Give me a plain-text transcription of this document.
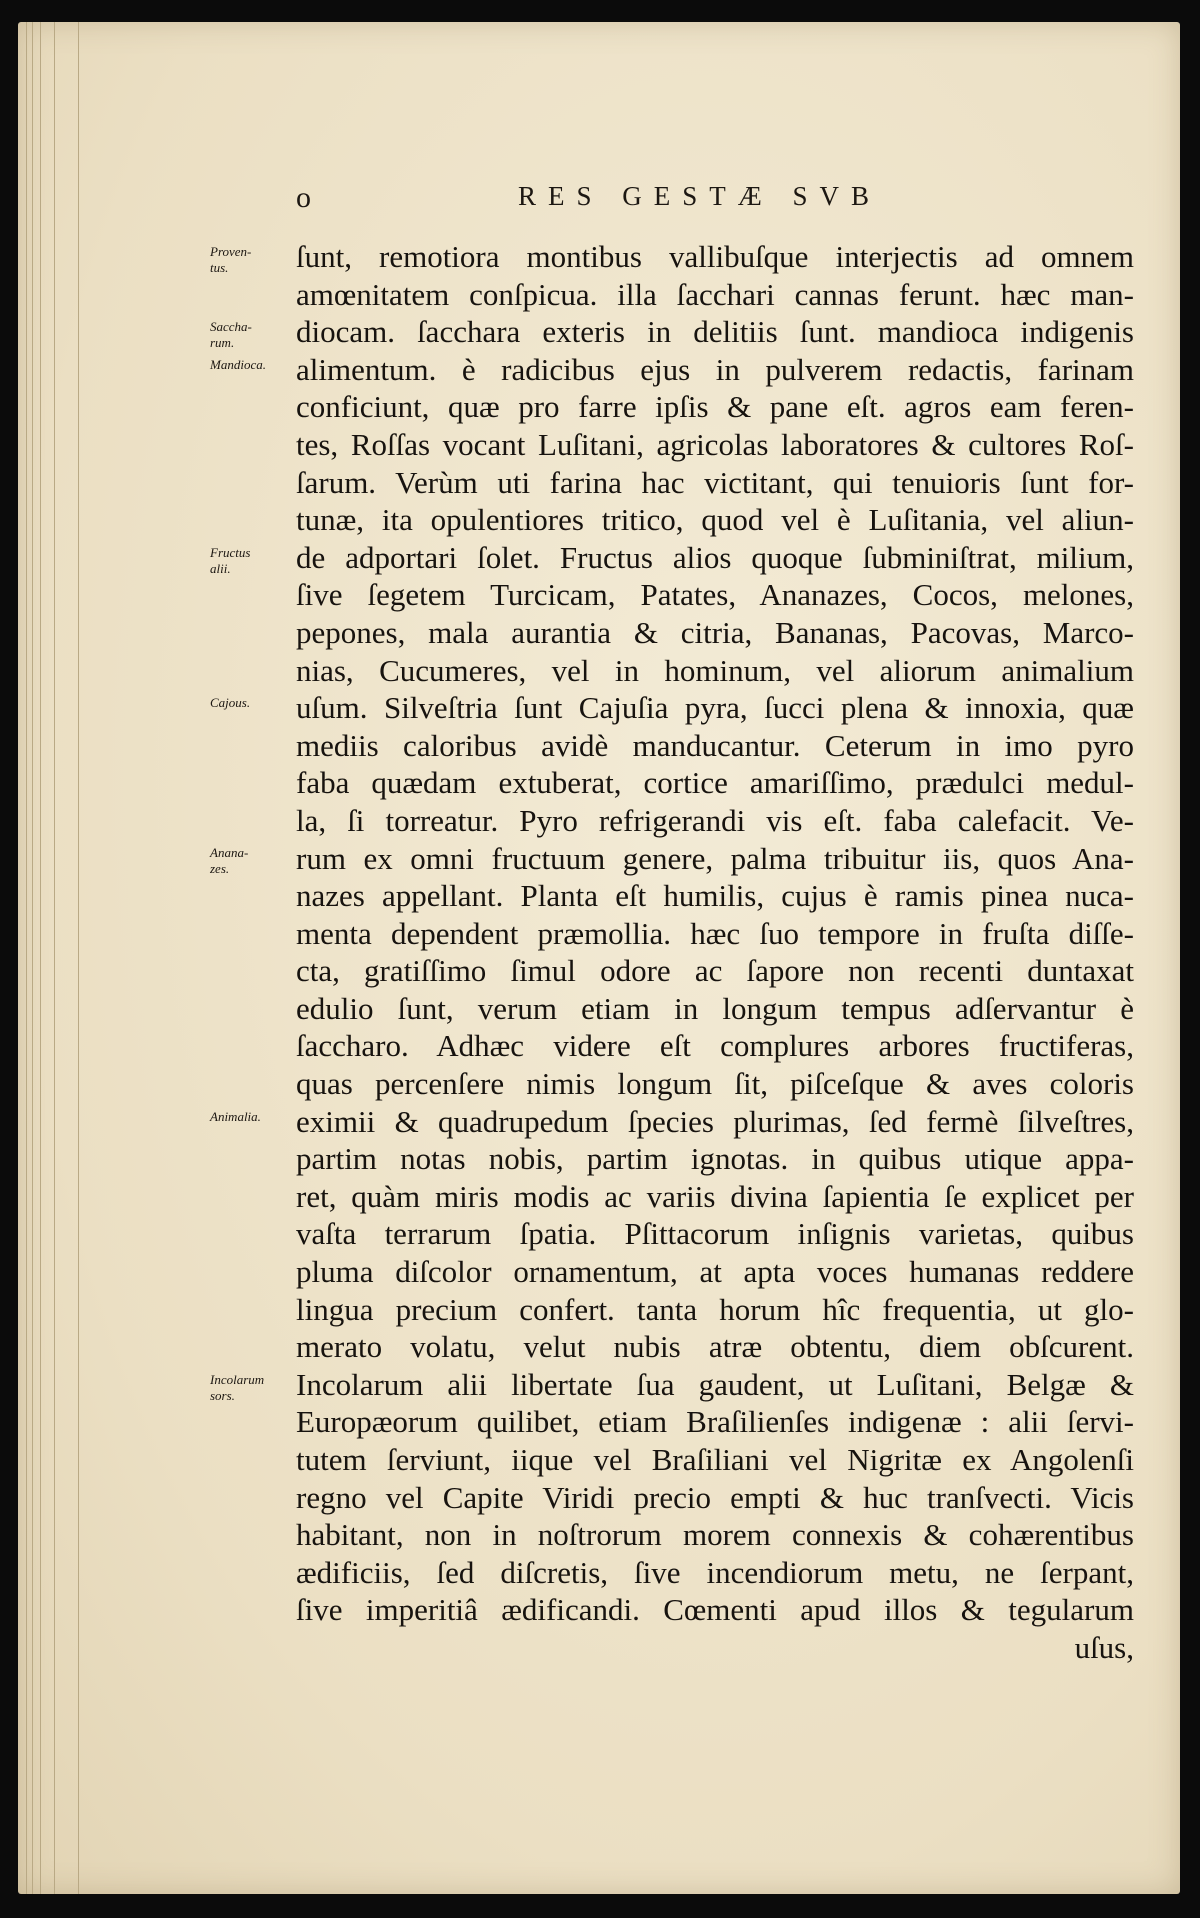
o	RES GESTÆ SVB
Proven-
tus.
Saccha-
rum.
Mandioca.
Fructus
alii.
Cajous.
Anana-
zes.
Animalia.
Incolarum
sors.
ſunt, remotiora montibus vallibuſque interjectis ad omnem
amœnitatem conſpicua. illa ſacchari cannas ferunt. hæc man-
diocam. ſacchara exteris in delitiis ſunt. mandioca indigenis
alimentum. è radicibus ejus in pulverem redactis, farinam
conficiunt, quæ pro farre ipſis & pane eſt. agros eam feren-
tes, Roſſas vocant Luſitani, agricolas laboratores & cultores Roſ-
ſarum. Verùm uti farina hac victitant, qui tenuioris ſunt for-
tunæ, ita opulentiores tritico, quod vel è Luſitania, vel aliun-
de adportari ſolet. Fructus alios quoque ſubminiſtrat, milium,
ſive ſegetem Turcicam, Patates, Ananazes, Cocos, melones,
pepones, mala aurantia & citria, Bananas, Pacovas, Marco-
nias, Cucumeres, vel in hominum, vel aliorum animalium
uſum. Silveſtria ſunt Cajuſia pyra, ſucci plena & innoxia, quæ
mediis caloribus avidè manducantur. Ceterum in imo pyro
faba quædam extuberat, cortice amariſſimo, prædulci medul-
la, ſi torreatur. Pyro refrigerandi vis eſt. faba calefacit. Ve-
rum ex omni fructuum genere, palma tribuitur iis, quos Ana-
nazes appellant. Planta eſt humilis, cujus è ramis pinea nuca-
menta dependent præmollia. hæc ſuo tempore in fruſta diſſe-
cta, gratiſſimo ſimul odore ac ſapore non recenti duntaxat
edulio ſunt, verum etiam in longum tempus adſervantur è
ſaccharo. Adhæc videre eſt complures arbores fructiferas,
quas percenſere nimis longum ſit, piſceſque & aves coloris
eximii & quadrupedum ſpecies plurimas, ſed fermè ſilveſtres,
partim notas nobis, partim ignotas. in quibus utique appa-
ret, quàm miris modis ac variis divina ſapientia ſe explicet per
vaſta terrarum ſpatia. Pſittacorum inſignis varietas, quibus
pluma diſcolor ornamentum, at apta voces humanas reddere
lingua precium confert. tanta horum hîc frequentia, ut glo-
merato volatu, velut nubis atræ obtentu, diem obſcurent.
Incolarum alii libertate ſua gaudent, ut Luſitani, Belgæ &
Europæorum quilibet, etiam Braſilienſes indigenæ : alii ſervi-
tutem ſerviunt, iique vel Braſiliani vel Nigritæ ex Angolenſi
regno vel Capite Viridi precio empti & huc tranſvecti. Vicis
habitant, non in noſtrorum morem connexis & cohærentibus
ædificiis, ſed diſcretis, ſive incendiorum metu, ne ſerpant,
ſive imperitiâ ædificandi. Cœmenti apud illos & tegularum
uſus,
